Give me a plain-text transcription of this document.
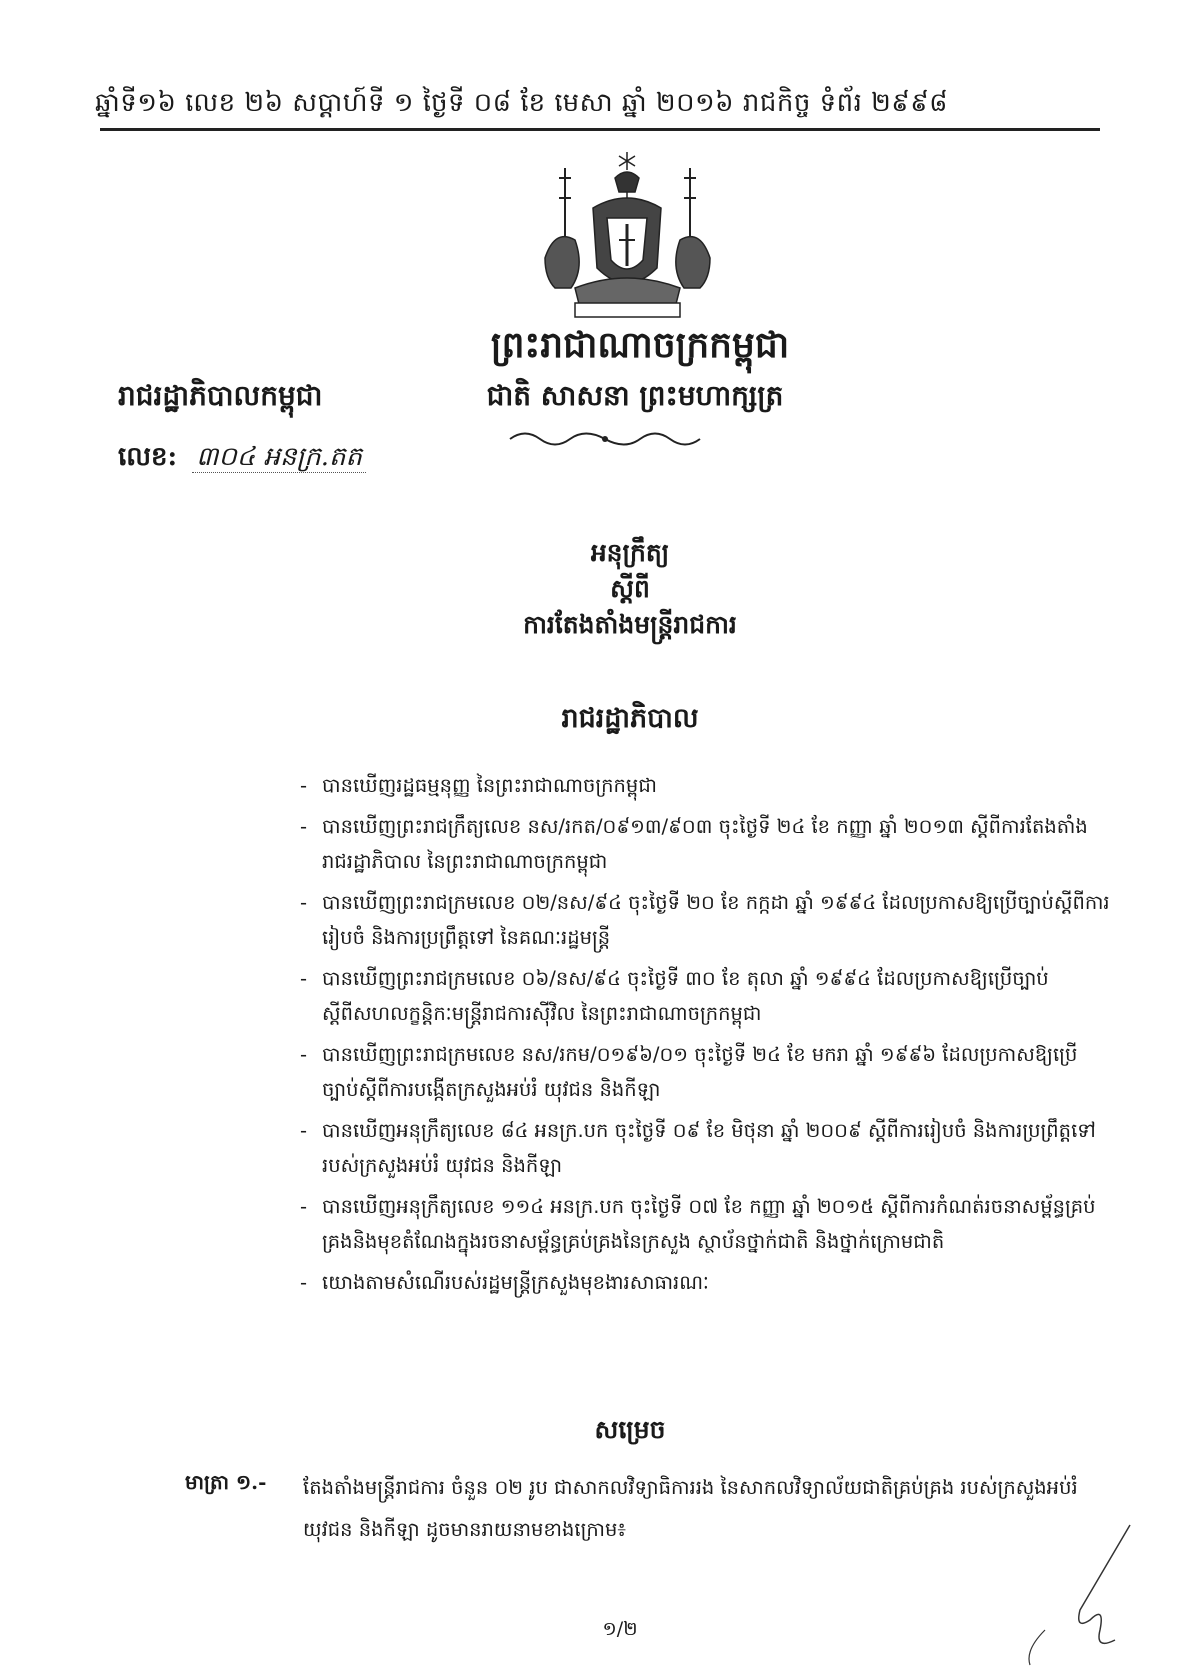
ឆ្នាំទី១៦ លេខ ២៦ សប្ដាហ៍ទី ១ ថ្ងៃទី ០៨ ខែ មេសា ឆ្នាំ ២០១៦ រាជកិច្ច ទំព័រ ២៩៩៨
ព្រះរាជាណាចក្រកម្ពុជា
រាជរដ្ឋាភិបាលកម្ពុជា	ជាតិ សាសនា ព្រះមហាក្សត្រ
លេខ: ៣០៤ អនក្រ.តត
អនុក្រឹត្យ
ស្ដីពី
ការតែងតាំងមន្ត្រីរាជការ
រាជរដ្ឋាភិបាល
- បានឃើញរដ្ឋធម្មនុញ្ញ នៃព្រះរាជាណាចក្រកម្ពុជា
- បានឃើញព្រះរាជក្រឹត្យលេខ នស/រកត/០៩១៣/៩០៣ ចុះថ្ងៃទី ២៤ ខែ កញ្ញា ឆ្នាំ ២០១៣ ស្ដីពីការតែងតាំងរាជរដ្ឋាភិបាល នៃព្រះរាជាណាចក្រកម្ពុជា
- បានឃើញព្រះរាជក្រមលេខ ០២/នស/៩៤ ចុះថ្ងៃទី ២០ ខែ កក្កដា ឆ្នាំ ១៩៩៤ ដែលប្រកាសឱ្យប្រើច្បាប់ស្ដីពីការរៀបចំ និងការប្រព្រឹត្តទៅ នៃគណៈរដ្ឋមន្ត្រី
- បានឃើញព្រះរាជក្រមលេខ ០៦/នស/៩៤ ចុះថ្ងៃទី ៣០ ខែ តុលា ឆ្នាំ ១៩៩៤ ដែលប្រកាសឱ្យប្រើច្បាប់ស្ដីពីសហលក្ខន្តិកៈមន្ត្រីរាជការស៊ីវិល នៃព្រះរាជាណាចក្រកម្ពុជា
- បានឃើញព្រះរាជក្រមលេខ នស/រកម/០១៩៦/០១ ចុះថ្ងៃទី ២៤ ខែ មករា ឆ្នាំ ១៩៩៦ ដែលប្រកាសឱ្យប្រើច្បាប់ស្ដីពីការបង្កើតក្រសួងអប់រំ យុវជន និងកីឡា
- បានឃើញអនុក្រឹត្យលេខ ៨៤ អនក្រ.បក ចុះថ្ងៃទី ០៩ ខែ មិថុនា ឆ្នាំ ២០០៩ ស្ដីពីការរៀបចំ និងការប្រព្រឹត្តទៅរបស់ក្រសួងអប់រំ យុវជន និងកីឡា
- បានឃើញអនុក្រឹត្យលេខ ១១៤ អនក្រ.បក ចុះថ្ងៃទី ០៧ ខែ កញ្ញា ឆ្នាំ ២០១៥ ស្ដីពីការកំណត់រចនាសម្ព័ន្ធគ្រប់គ្រងនិងមុខតំណែងក្នុងរចនាសម្ព័ន្ធគ្រប់គ្រងនៃក្រសួង ស្ថាប័នថ្នាក់ជាតិ និងថ្នាក់ក្រោមជាតិ
- យោងតាមសំណើរបស់រដ្ឋមន្ត្រីក្រសួងមុខងារសាធារណៈ
សម្រេច
មាត្រា ១.- តែងតាំងមន្ត្រីរាជការ ចំនួន ០២ រូប ជាសាកលវិទ្យាធិការរង នៃសាកលវិទ្យាល័យជាតិគ្រប់គ្រង របស់ក្រសួងអប់រំ យុវជន និងកីឡា ដូចមានរាយនាមខាងក្រោម៖
១/២
